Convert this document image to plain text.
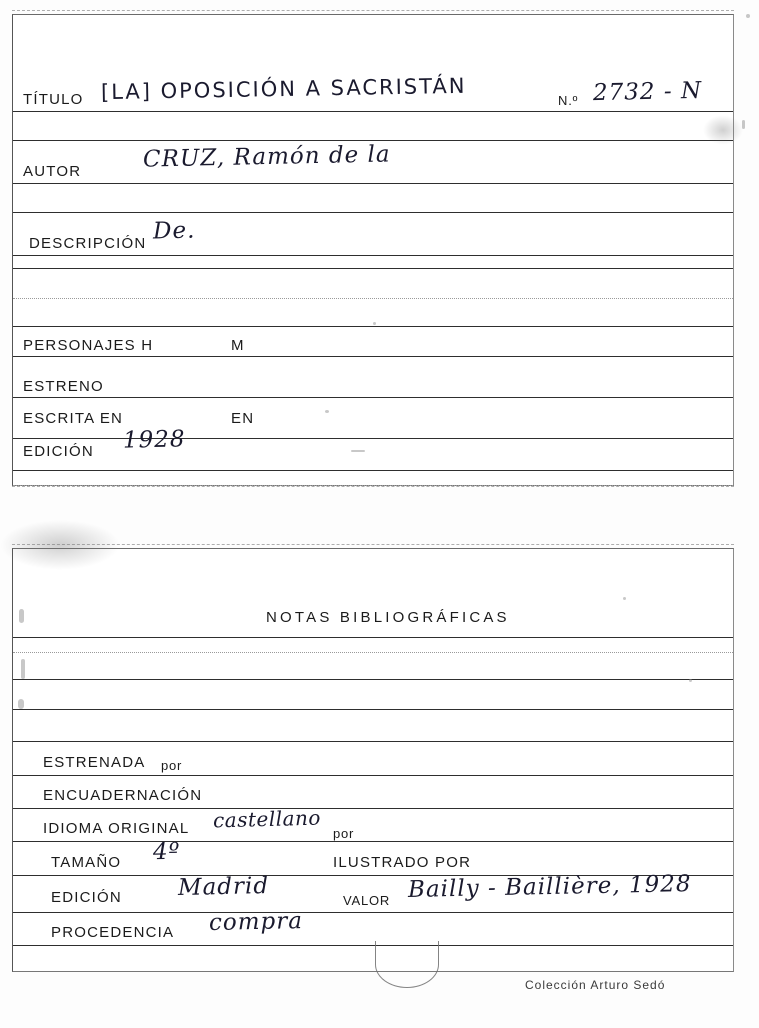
TÍTULO [LA] OPOSICIÓN A SACRISTÁN	N.º 2732 - N
AUTOR	CRUZ, Ramón de la
DESCRIPCIÓN De.
PERSONAJES H	M
ESTRENO
ESCRITA EN	EN
EDICIÓN 1928
NOTAS BIBLIOGRÁFICAS
ESTRENADA por
ENCUADERNACIÓN
IDIOMA ORIGINAL castellano
por
TAMAÑO 4º	ILUSTRADO POR
EDICIÓN Madrid	VALOR Bailly - Baillière, 1928
PROCEDENCIA compra
Colección Arturo Sedó
